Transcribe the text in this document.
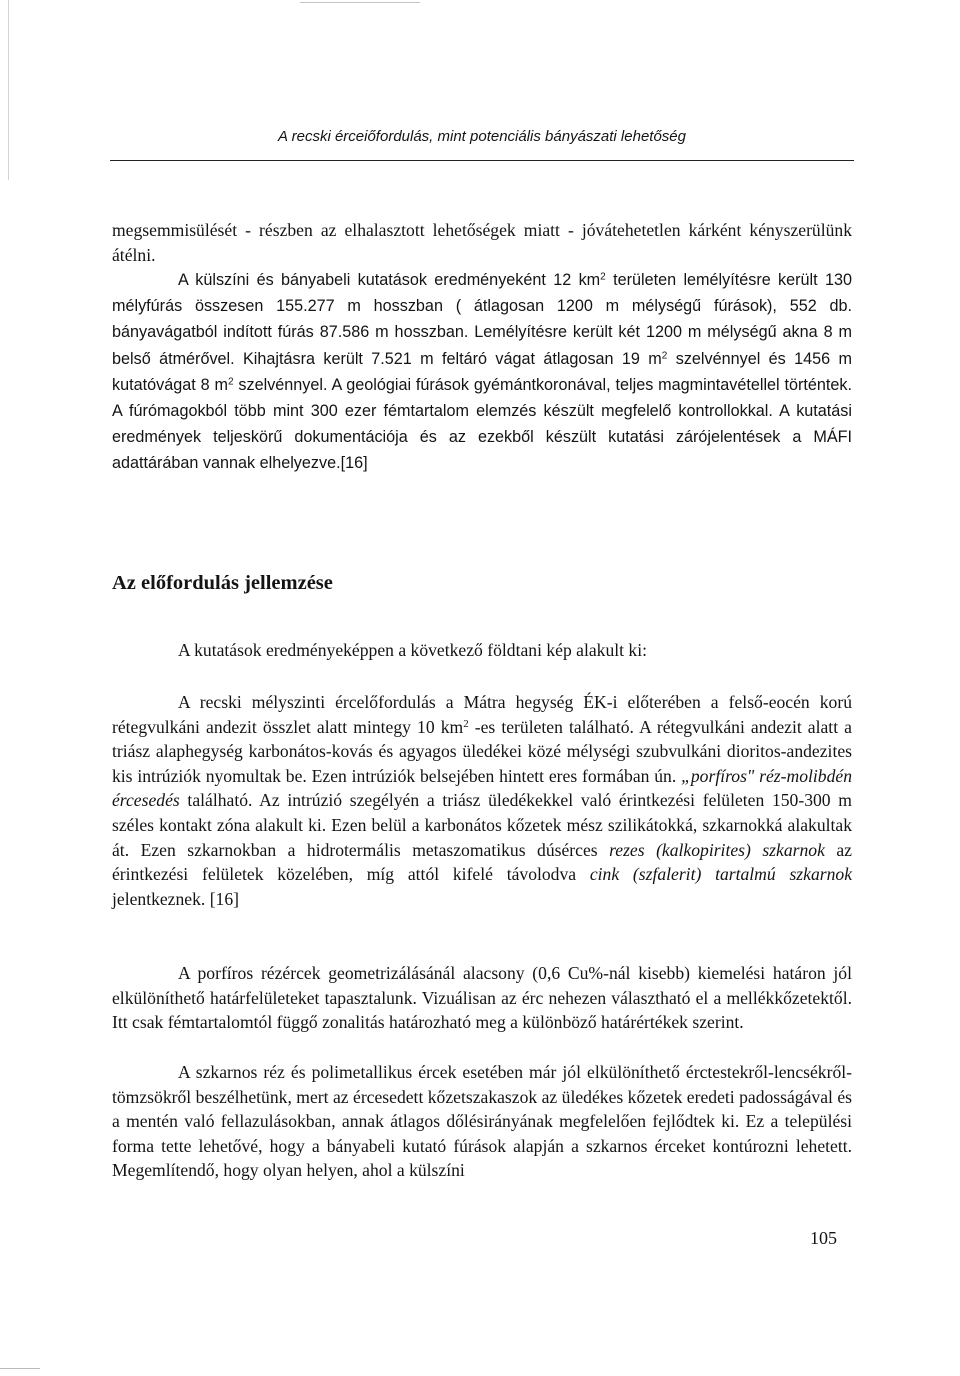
A recski érceiőfordulás, mint potenciális bányászati lehetőség

megsemmisülését - részben az elhalasztott lehetőségek miatt - jóvátehetetlen kárként kényszerülünk átélni.

A külszíni és bányabeli kutatások eredményeként 12 $km^2$ területen lemélyítésre került 130 mélyfúrás összesen 155.277 m hosszban ( átlagosan 1200 m mélységű fúrások), 552 db. bányavágatból indított fúrás 87.586 m hosszban. Lemélyítésre került két 1200 m mélységű akna 8 m belső átmérővel. Kihajtásra került 7.521 m feltáró vágat átlagosan 19 $m^2$ szelvénnyel és 1456 m kutatóvágat 8 $m^2$ szelvénnyel. A geológiai fúrások gyémántkoronával, teljes magmintavétellel történtek. A fúrómagokból több mint 300 ezer fémtartalom elemzés készült megfelelő kontrollokkal. A kutatási eredmények teljeskörű dokumentációja és az ezekből készült kutatási zárójelentések a MÁFI adattárában vannak elhelyezve.[16]

Az előfordulás jellemzése

A kutatások eredményeképpen a következő földtani kép alakult ki:

A recski mélyszinti ércelőfordulás a Mátra hegység ÉK-i előterében a felső-eocén korú rétegvulkáni andezit összlet alatt mintegy 10 $km^2$ -es területen található. A rétegvulkáni andezit alatt a triász alaphegység karbonátos-kovás és agyagos üledékei közé mélységi szubvulkáni dioritos-andezites kis intrúziók nyomultak be. Ezen intrúziók belsejében hintett eres formában ún. „porfíros" réz-molibdén ércesedés található. Az intrúzió szegélyén a triász üledékekkel való érintkezési felületen 150-300 m széles kontakt zóna alakult ki. Ezen belül a karbonátos kőzetek mész szilikátokká, szkarnokká alakultak át. Ezen szkarnokban a hidrotermális metaszomatikus dúsérces rezes (kalkopirites) szkarnok az érintkezési felületek közelében, míg attól kifelé távolodva cink (szfalerit) tartalmú szkarnok jelentkeznek. [16]

A porfíros rézércek geometrizálásánál alacsony (0,6 Cu%-nál kisebb) kiemelési határon jól elkülöníthető határfelületeket tapasztalunk. Vizuálisan az érc nehezen választható el a mellékkőzetektől. Itt csak fémtartalomtól függő zonalitás határozható meg a különböző határértékek szerint.

A szkarnos réz és polimetallikus ércek esetében már jól elkülöníthető érctestekről-lencsékről-tömzsökről beszélhetünk, mert az ércesedett kőzetszakaszok az üledékes kőzetek eredeti padosságával és a mentén való fellazulásokban, annak átlagos dőlésirányának megfelelően fejlődtek ki. Ez a települési forma tette lehetővé, hogy a bányabeli kutató fúrások alapján a szkarnos érceket kontúrozni lehetett. Megemlítendő, hogy olyan helyen, ahol a külszíni

105
